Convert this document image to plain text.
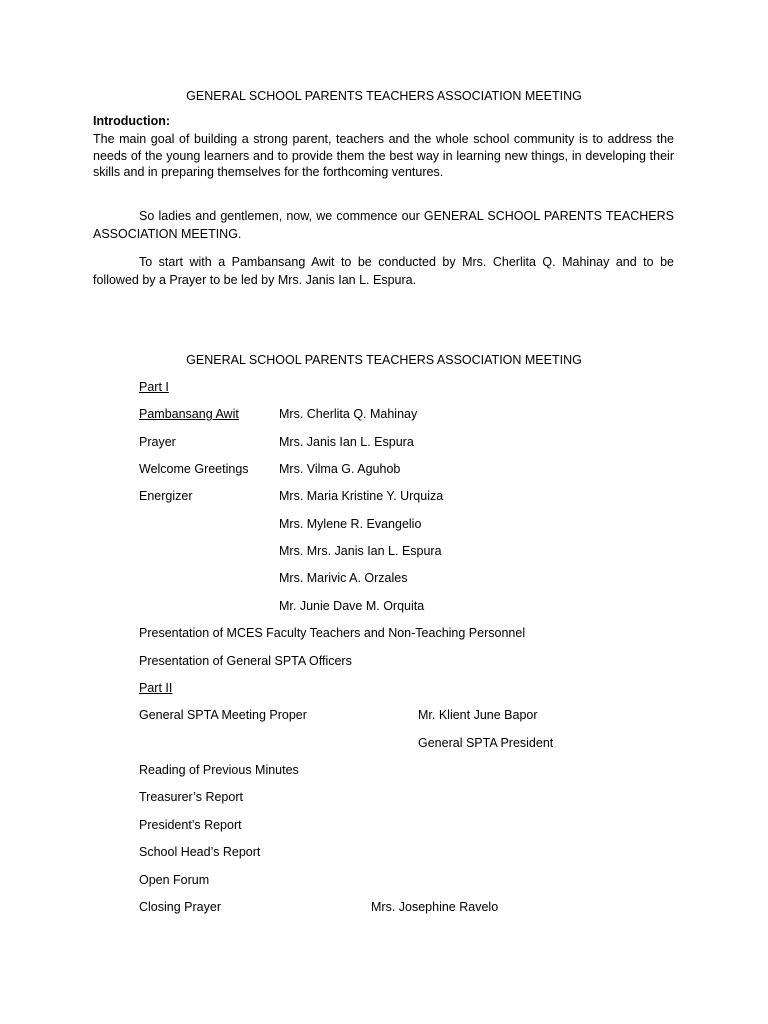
GENERAL SCHOOL PARENTS TEACHERS ASSOCIATION MEETING
Introduction:

The main goal of building a strong parent, teachers and the whole school community is to address the needs of the young learners and to provide them the best way in learning new things, in developing their skills and in preparing themselves for the forthcoming ventures.

So ladies and gentlemen, now, we commence our GENERAL SCHOOL PARENTS TEACHERS ASSOCIATION MEETING.

To start with a Pambansang Awit to be conducted by Mrs. Cherlita Q. Mahinay and to be followed by a Prayer to be led by Mrs. Janis Ian L. Espura.

GENERAL SCHOOL PARENTS TEACHERS ASSOCIATION MEETING
Part I
Pambansang Awit	Mrs. Cherlita Q. Mahinay
Prayer	Mrs. Janis Ian L. Espura
Welcome Greetings Mrs. Vilma G. Aguhob
Energizer	Mrs. Maria Kristine Y. Urquiza
Mrs. Mylene R. Evangelio
Mrs. Mrs. Janis Ian L. Espura
Mrs. Marivic A. Orzales
Mr. Junie Dave M. Orquita
Presentation of MCES Faculty Teachers and Non-Teaching Personnel
Presentation of General SPTA Officers
Part II
General SPTA Meeting Proper	Mr. Klient June Bapor
General SPTA President
Reading of Previous Minutes
Treasurer’s Report
President’s Report
School Head’s Report
Open Forum
Closing Prayer	Mrs. Josephine Ravelo
